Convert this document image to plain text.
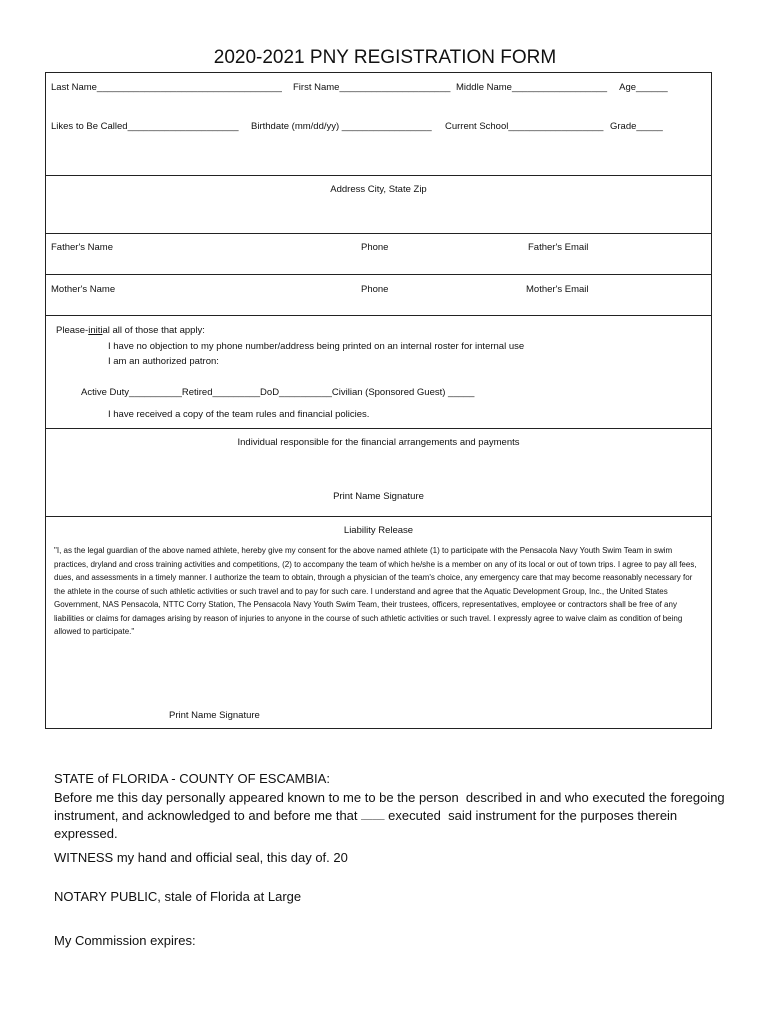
2020-2021 PNY REGISTRATION FORM
Last Name___________________________________ First Name_____________________ Middle Name__________________ Age______
Likes to Be Called_____________________ Birthdate (mm/dd/yy) _________________ Current School__________________ Grade_____
Address City, State Zip
Father's Name	Phone	Father's Email
Mother's Name	Phone	Mother's Email
Please-initial all of those that apply:
I have no objection to my phone number/address being printed on an internal roster for internal use
I am an authorized patron:
Active Duty__________Retired_________DoD__________Civilian (Sponsored Guest) _____
I have received a copy of the team rules and financial policies.
Individual responsible for the financial arrangements and payments
Print Name Signature
Liability Release
"I, as the legal guardian of the above named athlete, hereby give my consent for the above named athlete (1) to participate with the Pensacola Navy Youth Swim Team in swim practices, dryland and cross training activities and competitions, (2) to accompany the team of which he/she is a member on any of its local or out of town trips. I agree to pay all fees, dues, and assessments in a timely manner. I authorize the team to obtain, through a physician of the team's choice, any emergency care that may become reasonably necessary for the athlete in the course of such athletic activities or such travel and to pay for such care. I understand and agree that the Aquatic Development Group, Inc., the United States Government, NAS Pensacola, NTTC Corry Station, The Pensacola Navy Youth Swim Team, their trustees, officers, representatives, employee or contractors shall be free of any liabilities or claims for damages arising by reason of injuries to anyone in the course of such athletic activities or such travel. I expressly agree to waive claim as condition of being allowed to participate."
Print Name Signature
STATE of FLORIDA - COUNTY OF ESCAMBIA:
Before me this day personally appeared known to me to be the person  described in and who executed the foregoing
instrument, and acknowledged to and before me that ______ executed  said instrument for the purposes therein
expressed.
WITNESS my hand and official seal, this day of. 20
NOTARY PUBLIC, stale of Florida at Large
My Commission expires:
